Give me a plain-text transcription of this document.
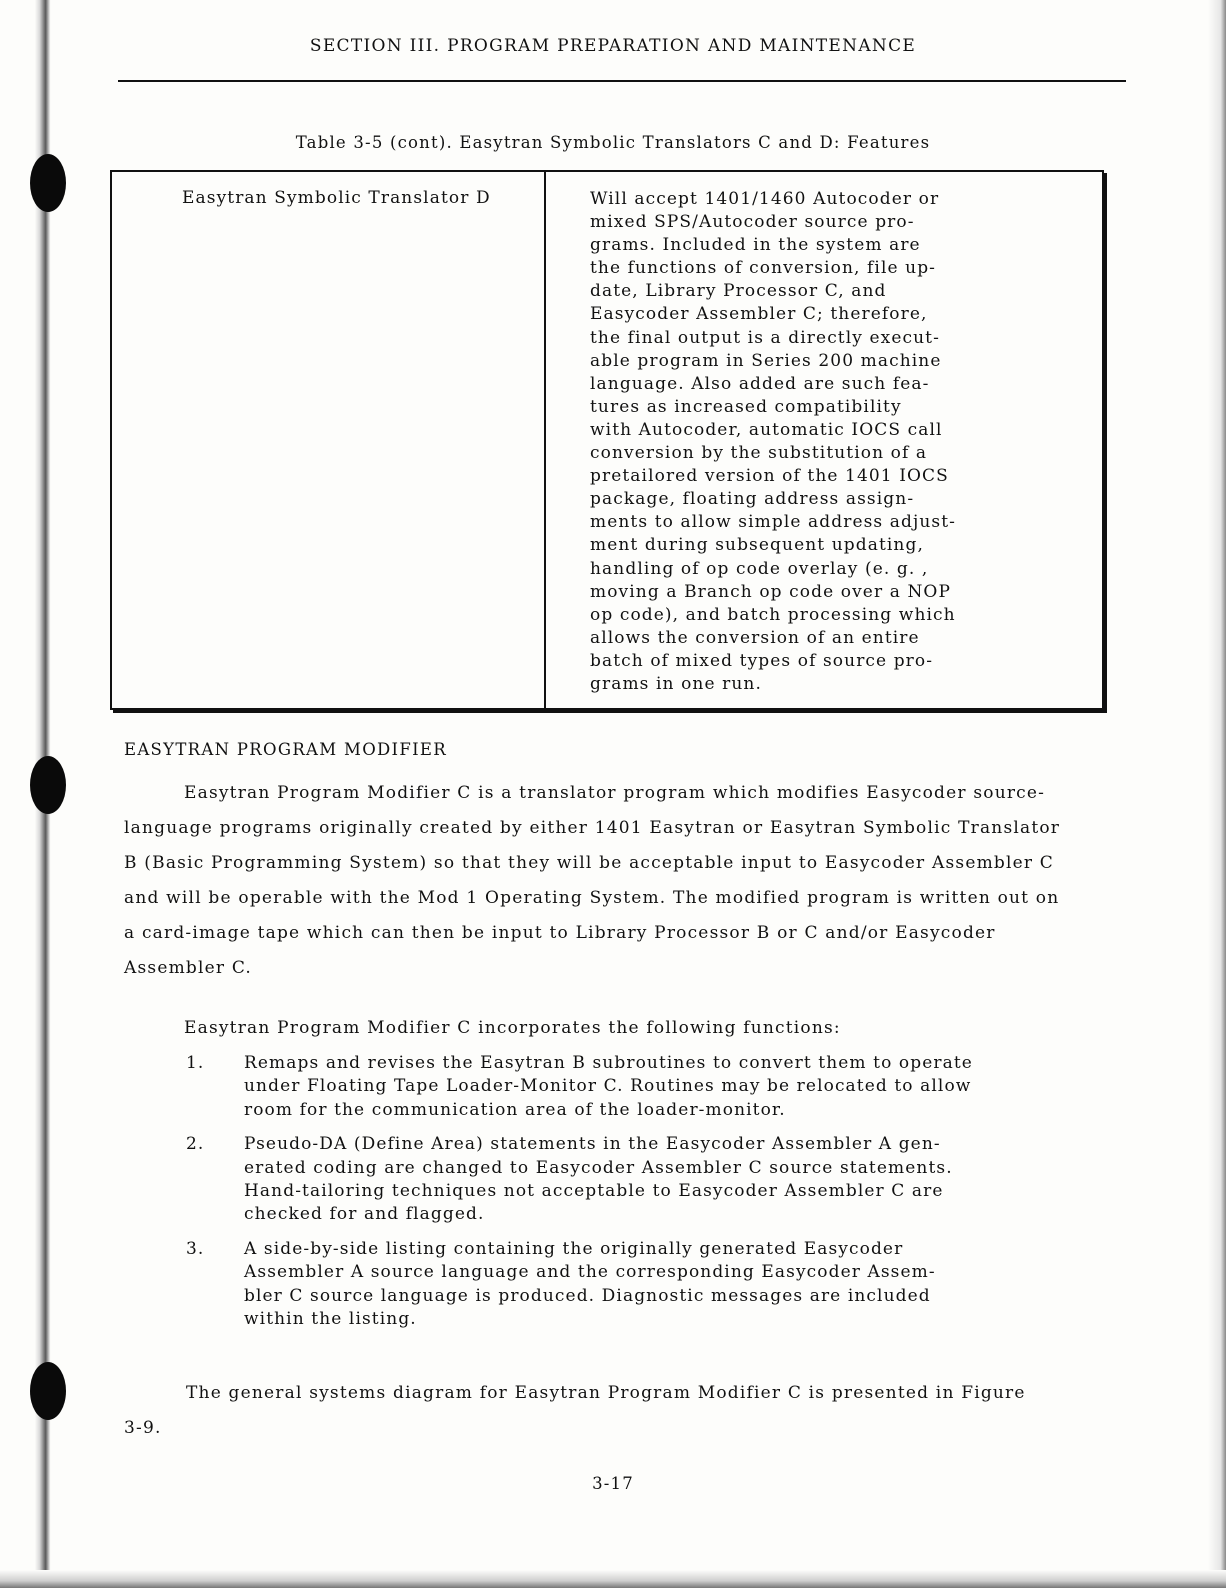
SECTION III. PROGRAM PREPARATION AND MAINTENANCE
Table 3-5 (cont). Easytran Symbolic Translators C and D: Features
Easytran Symbolic Translator D	Will accept 1401/1460 Autocoder or
mixed SPS/Autocoder source pro-
grams. Included in the system are
the functions of conversion, file up-
date, Library Processor C, and
Easycoder Assembler C; therefore,
the final output is a directly execut-
able program in Series 200 machine
language. Also added are such fea-
tures as increased compatibility
with Autocoder, automatic IOCS call
conversion by the substitution of a
pretailored version of the 1401 IOCS
package, floating address assign-
ments to allow simple address adjust-
ment during subsequent updating,
handling of op code overlay (e. g. ,
moving a Branch op code over a NOP
op code), and batch processing which
allows the conversion of an entire
batch of mixed types of source pro-
grams in one run.
EASYTRAN PROGRAM MODIFIER
Easytran Program Modifier C is a translator program which modifies Easycoder source-
language programs originally created by either 1401 Easytran or Easytran Symbolic Translator
B (Basic Programming System) so that they will be acceptable input to Easycoder Assembler C
and will be operable with the Mod 1 Operating System. The modified program is written out on
a card-image tape which can then be input to Library Processor B or C and/or Easycoder
Assembler C.
Easytran Program Modifier C incorporates the following functions:
1. Remaps and revises the Easytran B subroutines to convert them to operate
under Floating Tape Loader-Monitor C. Routines may be relocated to allow
room for the communication area of the loader-monitor.
2. Pseudo-DA (Define Area) statements in the Easycoder Assembler A gen-
erated coding are changed to Easycoder Assembler C source statements.
Hand-tailoring techniques not acceptable to Easycoder Assembler C are
checked for and flagged.
3. A side-by-side listing containing the originally generated Easycoder
Assembler A source language and the corresponding Easycoder Assem-
bler C source language is produced. Diagnostic messages are included
within the listing.
The general systems diagram for Easytran Program Modifier C is presented in Figure
3-9.
3-17
